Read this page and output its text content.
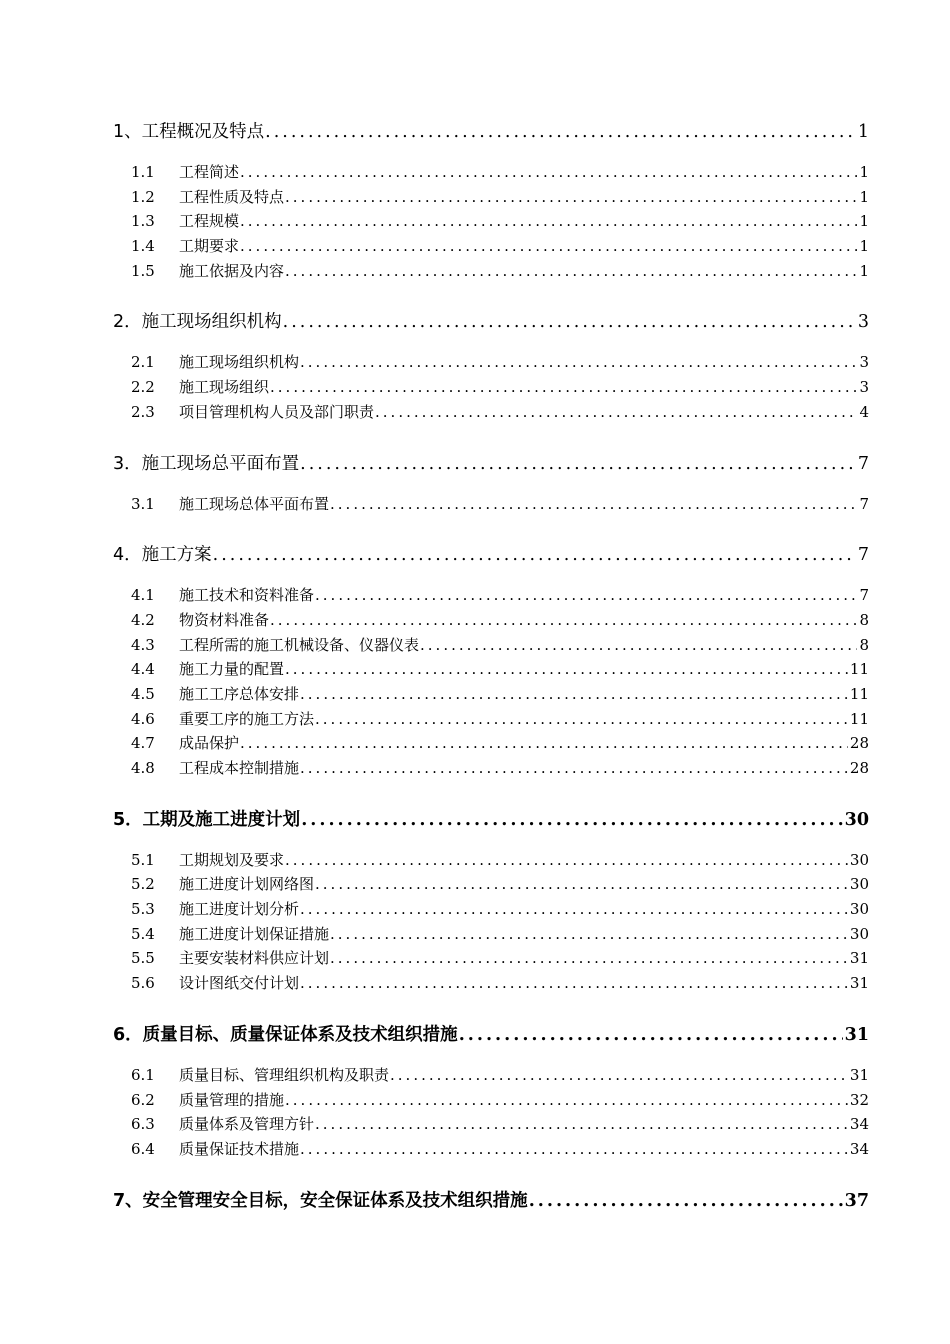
1、工程概况及特点 .....	1
1.1	工程简述 .....	1
1.2	工程性质及特点 .....	1
1.3	工程规模 .....	1
1.4	工期要求 .....	1
1.5	施工依据及内容 .....	1
2．施工现场组织机构 .....	3
2.1	施工现场组织机构 .....	3
2.2	施工现场组织 .....	3
2.3	项目管理机构人员及部门职责 .....	4
3．施工现场总平面布置 .....	7
3.1	施工现场总体平面布置 .....	7
4．施工方案 .....	7
4.1	施工技术和资料准备 .....	7
4.2	物资材料准备 .....	8
4.3	工程所需的施工机械设备、仪器仪表 .....	8
4.4	施工力量的配置 .....	11
4.5	施工工序总体安排 .....	11
4.6	重要工序的施工方法 .....	11
4.7	成品保护 .....	28
4.8	工程成本控制措施 .....	28
5．工期及施工进度计划 .....	30
5.1	工期规划及要求 .....	30
5.2	施工进度计划网络图 .....	30
5.3	施工进度计划分析 .....	30
5.4	施工进度计划保证措施 .....	30
5.5	主要安装材料供应计划 .....	31
5.6	设计图纸交付计划 .....	31
6．质量目标、质量保证体系及技术组织措施 .....	31
6.1	质量目标、管理组织机构及职责 .....	31
6.2	质量管理的措施 .....	32
6.3	质量体系及管理方针 .....	34
6.4	质量保证技术措施 .....	34
7、安全管理安全目标，安全保证体系及技术组织措施 .....	37
